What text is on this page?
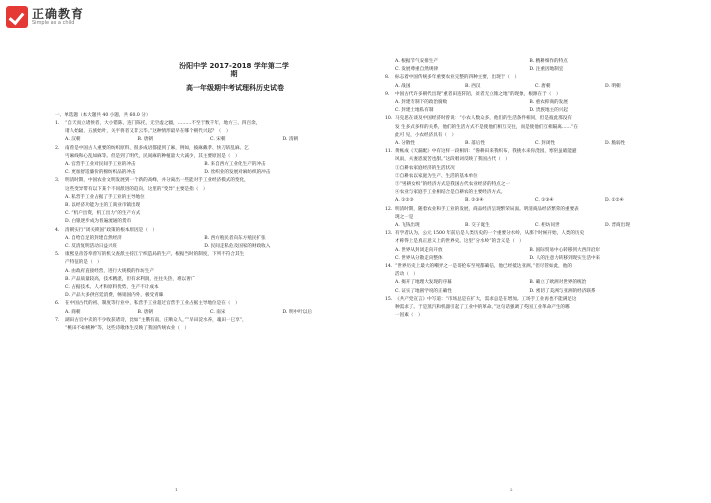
正确教育
Simple as a child
汾阳中学 2017-2018 学年第二学期
高一年级期中考试理科历史试卷
一、单选题（本大题共 40 小题，共 60.0 分）
1. “自天而立诸侯者，大小错陈，连门陈托，无空虚之疆，………不至于数千年，地方三、四百余，
诸人始辐，五族始叶，关平将者又非云毕。”这种情形最早在哪个朝代兴起？（　）
A. 汉朝	B. 唐朝	C. 宋朝	D. 清朝
2. 南曾是中国古人重要的纺织原料，很多成语都提到了麻，例如，披麻戴孝、快刀斩乱麻、乞
丐麻线和心乱如麻等。但是到了明代，民间麻的种植量大大减少，其主要原因是（　）
A. 官营手工业对民间手工业的冲击	B. 来自西方工业化生产的冲击
C. 更加舒适廉价的棉纺织品的冲击	D. 丝织业的发展对麻纺织的冲击
3. 明清时期，中国农业文明发展到一个新的高峰，并分离出一些能对手工业经济模式的变化，
这些变异带有以下某个不同派进的趋向，这里的“变异”主要是指（　）
A. 私营手工业占据了手工业的主导地位
B. 以经济功能为主的工商业市镇出现
C. “机户出资，机工出力”的生产方式
D. 白银逐步成为普遍流通的货币
4. 清朝实行“闭关锁国”政策的根本原因是（　）
A. 自给自足的封建自然经济	B. 西方殖民者向东方殖民扩张
C. 反清复明活动日益兴旺	D. 民间走私危及国家的财政收入
5. 康熙皇帝答奉曾写的机父查派主持江宁织造局的生产。根据当时的制度，下列不符合其生
产特征的是（　）
A. 由政府直接经营，进行大规模的作坊生产
B. 产品质量较高，技术精湛，但有求利润，往往失热，难以奢广
C. 占据技术、人才和原料优势，生产不计成本
D. 产品大多供宫廷消费，畅销国内外，极受青睐
6. 在中国古代的初、制度等行业中，私营手工业超过官营手工业占据主导地位是在（　）
A. 商朝	B. 唐朝	C. 南宋	D. 明中叶以后
7. 湖田古官中卖的不少收获诸诗，比如“主俄有南，庄顺众人，”“早田淀水养，魂田一巳享”，
“桃田不如桃种”等，这些诗歌体生反映了我国传统农业（　）
1
A. 根据节气安排生产	B. 精耕细作的特点
C. 发展尊重自然规律	D. 注重因地制宜
8. 标志着中国传统多年重要农业完整的四种主要，出现于（　）
A. 战国	B. 西汉	C. 唐朝	D. 明朝
9. 中国古代许多朝代出现“重者田连阡陌，贫者无立锥之地”的现象，根源在于（　）
A. 封建专制下的政治腐败	B. 重农抑商的发展
C. 封建土地私有制	D. 贵族地主的兴起
10. 马克思在谈及中国经济时曾说：“小农人数众多，他们的生活条件相同，但是彼此那没有
发 生多式多样的关系，他们的生活方式不是使他们相互交往，而是使他们互相隔离……”在
此可 见，小农经济具有（　）
A. 分散性	B. 落后性	C. 封闭性	D. 脆弱性
11. 黄帐成《天漏配》中有这样一段相诉：“鲁耕田来我织布，我挑水来你浇园，寒窑虽破能避
风雨，夫妻恩爱苦也甜。”这段唱词反映了我国古代（　）
①自耕农家庭经济的生活状况
②自耕农以家庭为生产、生活的基本单位
③“男耕女织”的经济方式是我国古代农业经济的特点之一
④农业与家庭手工业相结合是自耕农的主要经济方式。
A. ①②③	B. ②③④	C. ①③④	D. ①②④
12. 明清时期，随着农业和手工业的发展，商品经济呈现繁荣局面。明清商品经济繁荣的重要表
现之一是
A. 飞钱出现	B. 交子诞生	C. 柜坊问世	D. 晋商出现
13. 有学者认为，公元 1500 年前后是人类历史的一个重要分水岭，从那个时候开始，人类的历史
才称得上是真正意义上的世界史。这里“分水岭”的含义是（　）
A. 世界从封闭走向开放	B. 国际贸易中心转移到大西洋沿岸
C. 世界从分散走向整体	D. 人的注意力转移到现实生活中来
14. “世界历史上最大的嘲弄之一是哥伦布至死都确信，他已经抵达亚洲。”但尽管如此，他的
活动（　）
A. 揭开了地理大发现的序幕	B. 确立了欧洲对世界的统治
C. 证实了地圆学说的正确性	D. 密切了美洲与亚洲的经济联系
15. 《共产党宣言》中写道：“市场总是在扩大，需求总是在增加。工场手工业再也不能满足这
种需求了。于是蒸汽和机器引起了工业中的革命。”这句话强调了英国工业革命产生的哪
一因素（　）
2
